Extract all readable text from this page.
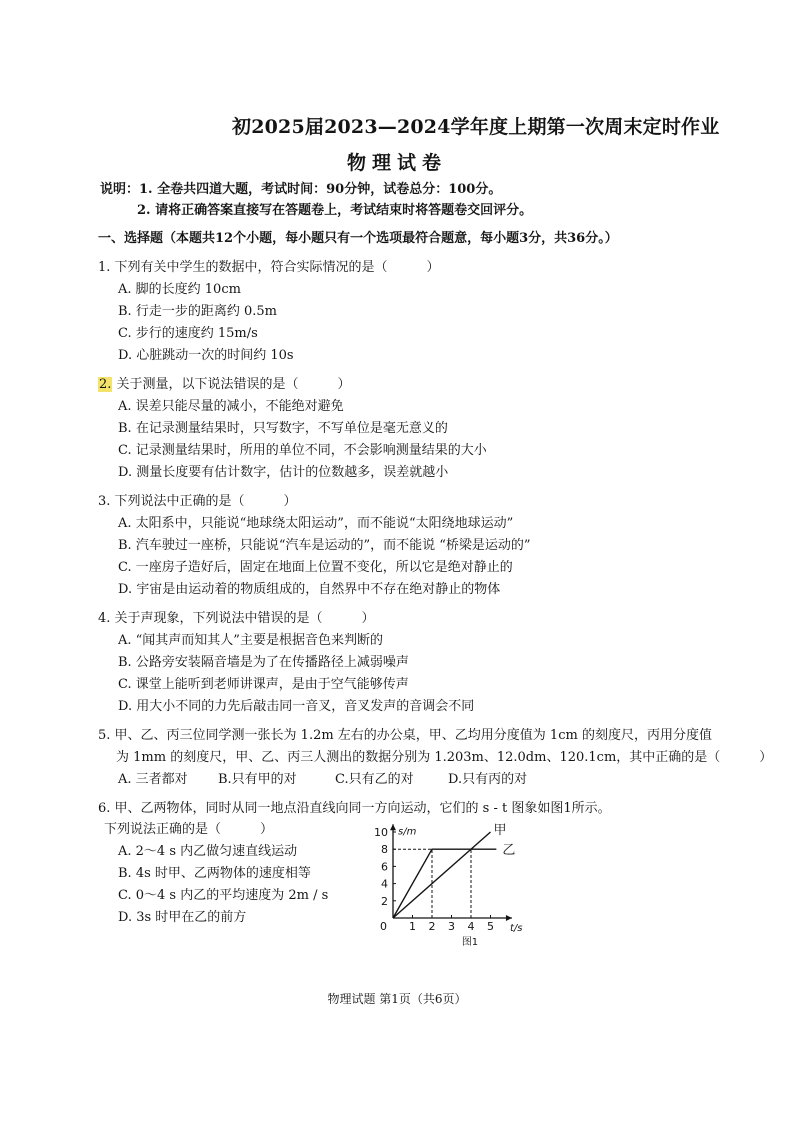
初2025届2023—2024学年度上期第一次周末定时作业
物理试卷
说明：1. 全卷共四道大题，考试时间：90分钟，试卷总分：100分。
2. 请将正确答案直接写在答题卷上，考试结束时将答题卷交回评分。
一、选择题（本题共12个小题，每小题只有一个选项最符合题意，每小题3分，共36分。）
1. 下列有关中学生的数据中，符合实际情况的是（　　　）
A. 脚的长度约 10cm
B. 行走一步的距离约 0.5m
C. 步行的速度约 15m/s
D. 心脏跳动一次的时间约 10s
2. 关于测量，以下说法错误的是（　　　）
A. 误差只能尽量的减小，不能绝对避免
B. 在记录测量结果时，只写数字，不写单位是毫无意义的
C. 记录测量结果时，所用的单位不同，不会影响测量结果的大小
D. 测量长度要有估计数字，估计的位数越多，误差就越小
3. 下列说法中正确的是（　　　）
A. 太阳系中，只能说“地球绕太阳运动”，而不能说“太阳绕地球运动”
B. 汽车驶过一座桥，只能说“汽车是运动的”，而不能说 “桥梁是运动的”
C. 一座房子造好后，固定在地面上位置不变化，所以它是绝对静止的
D. 宇宙是由运动着的物质组成的，自然界中不存在绝对静止的物体
4. 关于声现象，下列说法中错误的是（　　　）
A. “闻其声而知其人”主要是根据音色来判断的
B. 公路旁安装隔音墙是为了在传播路径上减弱噪声
C. 课堂上能听到老师讲课声，是由于空气能够传声
D. 用大小不同的力先后敲击同一音叉，音叉发声的音调会不同
5. 甲、乙、丙三位同学测一张长为 1.2m 左右的办公桌，甲、乙均用分度值为 1cm 的刻度尺，丙用分度值
为 1mm 的刻度尺，甲、乙、丙三人测出的数据分别为 1.203m、12.0dm、120.1cm，其中正确的是（　　　）
A. 三者都对 B.只有甲的对	C.只有乙的对	D.只有丙的对
6. 甲、乙两物体，同时从同一地点沿直线向同一方向运动，它们的 s - t 图象如图1所示。
下列说法正确的是（　　　）
A. 2～4 s 内乙做匀速直线运动
B. 4s 时甲、乙两物体的速度相等
C. 0～4 s 内乙的平均速度为 2m / s
D. 3s 时甲在乙的前方
1 2 3 4 5
2
4
6
8
10
0
s/m
t/s
甲
乙
图1
物理试题 第1页（共6页）
